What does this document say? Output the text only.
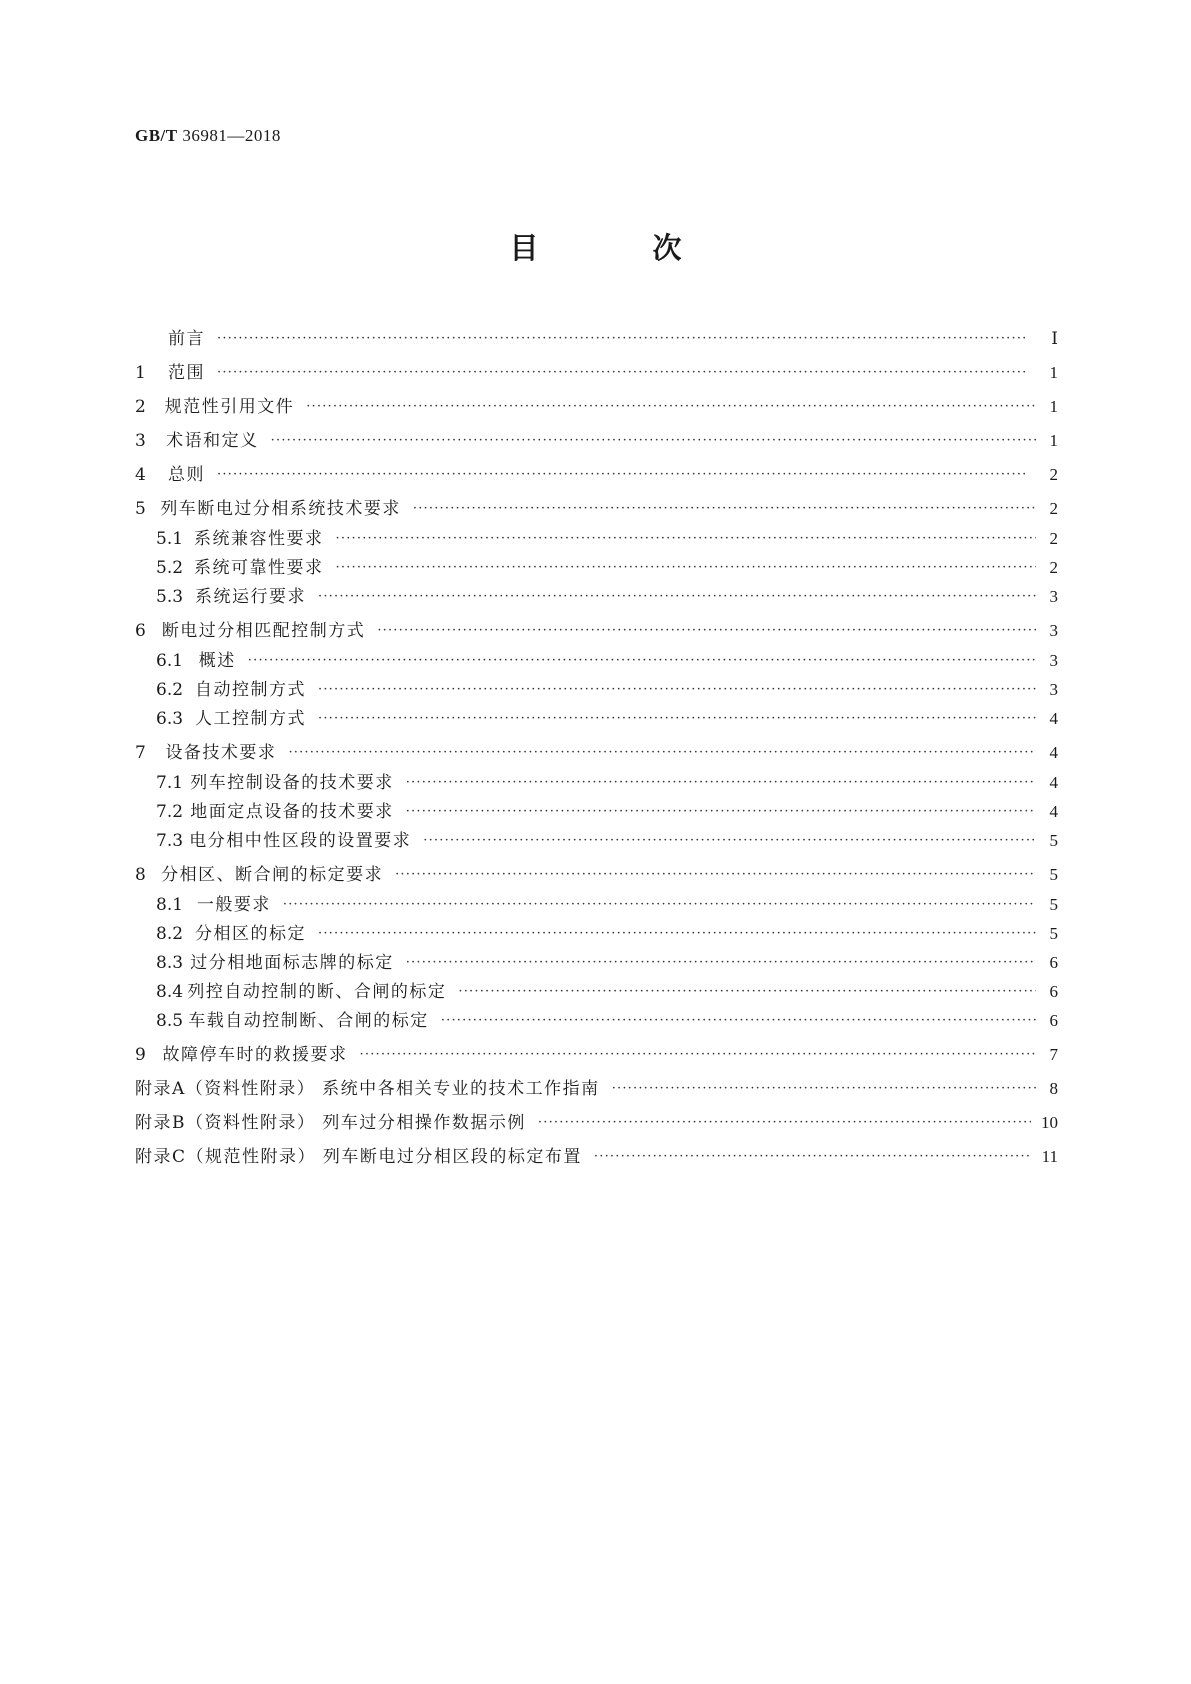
GB/T 36981—2018
目 次
前言 ·····	Ⅰ
1	范围 ·····	1
2	规范性引用文件 ·····	1
3	术语和定义 ·····	1
4	总则 ·····	2
5 列车断电过分相系统技术要求 ·····	2
5.1 系统兼容性要求 ·····	2
5.2 系统可靠性要求 ·····	2
5.3 系统运行要求 ·····	3
6 断电过分相匹配控制方式 ·····	3
6.1 概述 ·····	3
6.2 自动控制方式 ·····	3
6.3 人工控制方式 ·····	4
7	设备技术要求 ·····	4
7.1 列车控制设备的技术要求 ·····	4
7.2 地面定点设备的技术要求 ·····	4
7.3 电分相中性区段的设置要求 ·····	5
8 分相区、断合闸的标定要求 ·····	5
8.1 一般要求 ·····	5
8.2 分相区的标定 ·····	5
8.3 过分相地面标志牌的标定 ·····	6
8.4 列控自动控制的断、合闸的标定 ·····	6
8.5 车载自动控制断、合闸的标定 ·····	6
9 故障停车时的救援要求 ·····	7
附录A（资料性附录） 系统中各相关专业的技术工作指南 ·····	8
附录B（资料性附录） 列车过分相操作数据示例 ·····	10
附录C（规范性附录） 列车断电过分相区段的标定布置 ·····	11
